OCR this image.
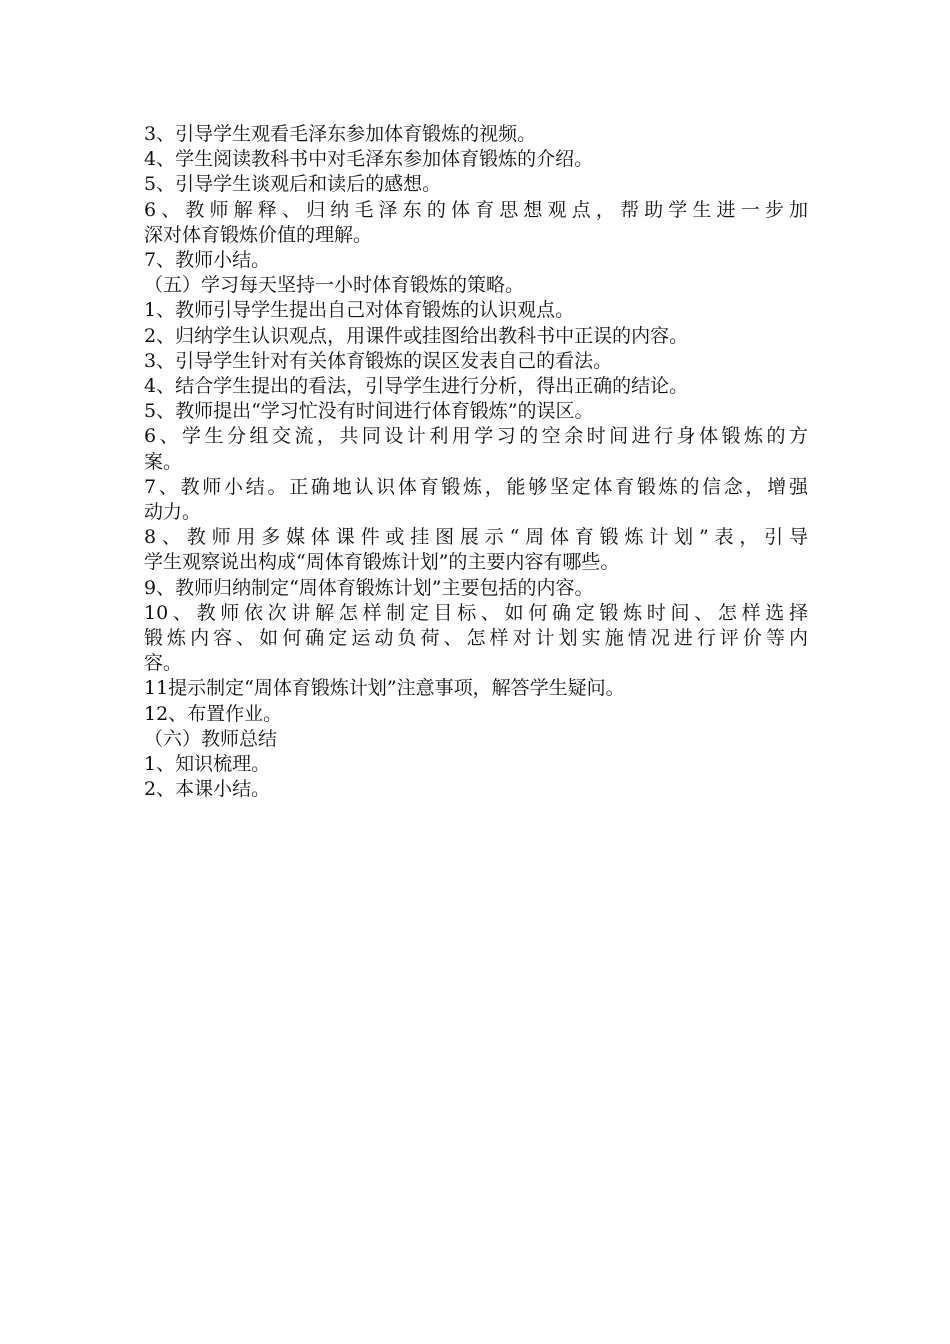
3、引导学生观看毛泽东参加体育锻炼的视频。
4、学生阅读教科书中对毛泽东参加体育锻炼的介绍。
5、引导学生谈观后和读后的感想。
6、教师解释、归纳毛泽东的体育思想观点，帮助学生进一步加
深对体育锻炼价值的理解。
7、教师小结。
（五）学习每天坚持一小时体育锻炼的策略。
1、教师引导学生提出自己对体育锻炼的认识观点。
2、归纳学生认识观点，用课件或挂图给出教科书中正误的内容。
3、引导学生针对有关体育锻炼的误区发表自己的看法。
4、结合学生提出的看法，引导学生进行分析，得出正确的结论。
5、教师提出“学习忙没有时间进行体育锻炼”的误区。
6、学生分组交流，共同设计利用学习的空余时间进行身体锻炼的方
案。
7、教师小结。正确地认识体育锻炼，能够坚定体育锻炼的信念，增强
动力。
8、教师用多媒体课件或挂图展示“周体育锻炼计划”表，引导
学生观察说出构成“周体育锻炼计划”的主要内容有哪些。
9、教师归纳制定“周体育锻炼计划”主要包括的内容。
10、教师依次讲解怎样制定目标、如何确定锻炼时间、怎样选择
锻炼内容、如何确定运动负荷、怎样对计划实施情况进行评价等内
容。
11提示制定“周体育锻炼计划”注意事项，解答学生疑问。
12、布置作业。
（六）教师总结
1、知识梳理。
2、本课小结。
